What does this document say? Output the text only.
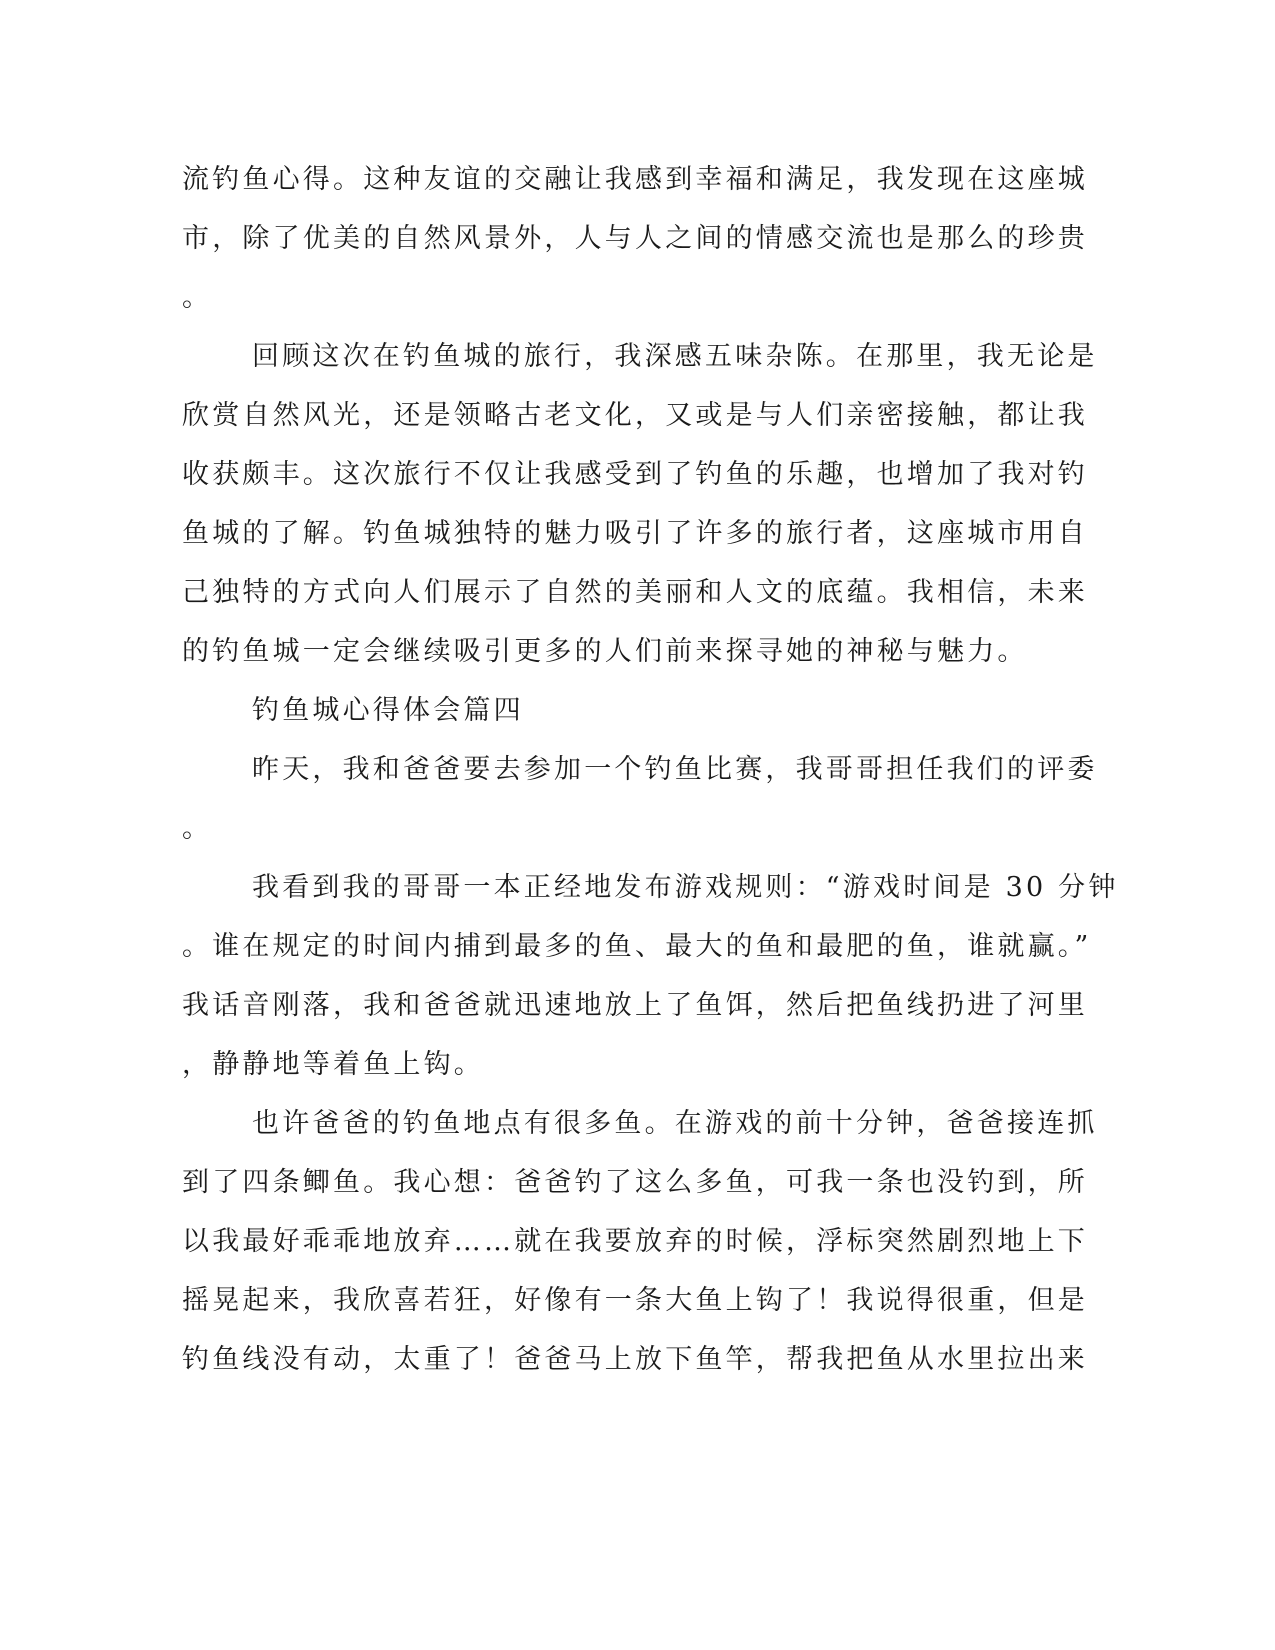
流钓鱼心得。这种友谊的交融让我感到幸福和满足，我发现在这座城
市，除了优美的自然风景外，人与人之间的情感交流也是那么的珍贵
。
回顾这次在钓鱼城的旅行，我深感五味杂陈。在那里，我无论是
欣赏自然风光，还是领略古老文化，又或是与人们亲密接触，都让我
收获颇丰。这次旅行不仅让我感受到了钓鱼的乐趣，也增加了我对钓
鱼城的了解。钓鱼城独特的魅力吸引了许多的旅行者，这座城市用自
己独特的方式向人们展示了自然的美丽和人文的底蕴。我相信，未来
的钓鱼城一定会继续吸引更多的人们前来探寻她的神秘与魅力。
钓鱼城心得体会篇四
昨天，我和爸爸要去参加一个钓鱼比赛，我哥哥担任我们的评委
。
我看到我的哥哥一本正经地发布游戏规则：“游戏时间是 30 分钟
。谁在规定的时间内捕到最多的鱼、最大的鱼和最肥的鱼，谁就赢。”
我话音刚落，我和爸爸就迅速地放上了鱼饵，然后把鱼线扔进了河里
，静静地等着鱼上钩。
也许爸爸的钓鱼地点有很多鱼。在游戏的前十分钟，爸爸接连抓
到了四条鲫鱼。我心想：爸爸钓了这么多鱼，可我一条也没钓到，所
以我最好乖乖地放弃……就在我要放弃的时候，浮标突然剧烈地上下
摇晃起来，我欣喜若狂，好像有一条大鱼上钩了！我说得很重，但是
钓鱼线没有动，太重了！爸爸马上放下鱼竿，帮我把鱼从水里拉出来
